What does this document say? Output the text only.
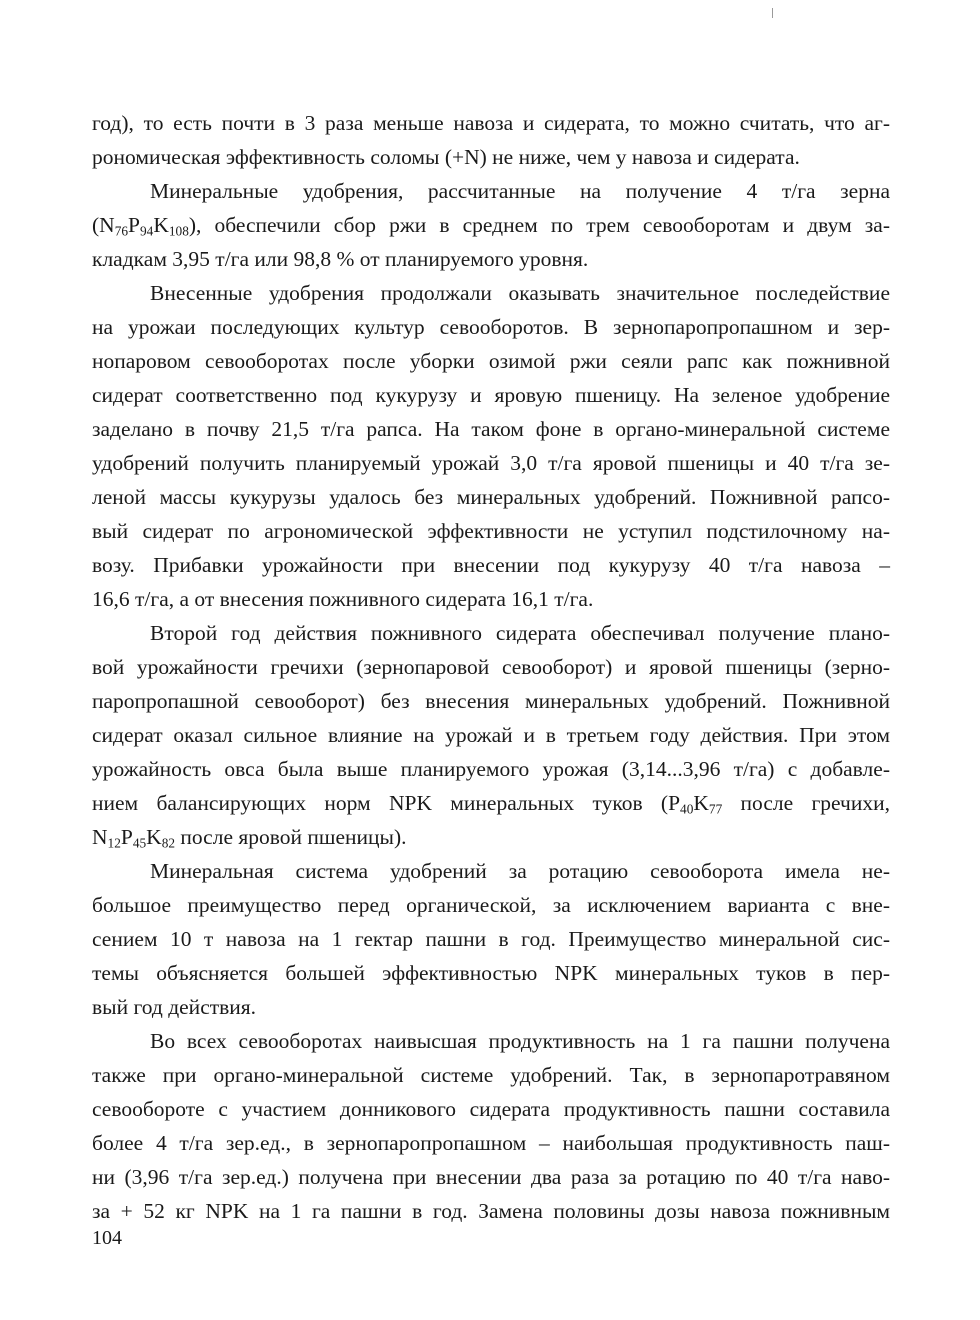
год), то есть почти в 3 раза меньше навоза и сидерата, то можно считать, что аг-
рономическая эффективность соломы (+N) не ниже, чем у навоза и сидерата.
Минеральные удобрения, рассчитанные на получение 4 т/га зерна
$(N_{76}P_{94}K_{108})$, обеспечили сбор ржи в среднем по трем севооборотам и двум за-
кладкам 3,95 т/га или 98,8 % от планируемого уровня.
Внесенные удобрения продолжали оказывать значительное последействие
на урожаи последующих культур севооборотов. В зернопаропропашном и зер-
нопаровом севооборотах после уборки озимой ржи сеяли рапс как пожнивной
сидерат соответственно под кукурузу и яровую пшеницу. На зеленое удобрение
заделано в почву 21,5 т/га рапса. На таком фоне в органо-минеральной системе
удобрений получить планируемый урожай 3,0 т/га яровой пшеницы и 40 т/га зе-
леной массы кукурузы удалось без минеральных удобрений. Пожнивной рапсо-
вый сидерат по агрономической эффективности не уступил подстилочному на-
возу. Прибавки урожайности при внесении под кукурузу 40 т/га навоза –
16,6 т/га, а от внесения пожнивного сидерата 16,1 т/га.
Второй год действия пожнивного сидерата обеспечивал получение плано-
вой урожайности гречихи (зернопаровой севооборот) и яровой пшеницы (зерно-
паропропашной севооборот) без внесения минеральных удобрений. Пожнивной
сидерат оказал сильное влияние на урожай и в третьем году действия. При этом
урожайность овса была выше планируемого урожая (3,14...3,96 т/га) с добавле-
нием балансирующих норм NPK минеральных туков ($P_{40}K_{77}$ после гречихи,
$N_{12}P_{45}K_{82}$ после яровой пшеницы).
Минеральная система удобрений за ротацию севооборота имела не-
большое преимущество перед органической, за исключением варианта с вне-
сением 10 т навоза на 1 гектар пашни в год. Преимущество минеральной сис-
темы объясняется большей эффективностью NPK минеральных туков в пер-
вый год действия.
Во всех севооборотах наивысшая продуктивность на 1 га пашни получена
также при органо-минеральной системе удобрений. Так, в зернопаротравяном
севообороте с участием донникового сидерата продуктивность пашни составила
более 4 т/га зер.ед., в зернопаропропашном – наибольшая продуктивность паш-
ни (3,96 т/га зер.ед.) получена при внесении два раза за ротацию по 40 т/га наво-
за + 52 кг NPK на 1 га пашни в год. Замена половины дозы навоза пожнивным
104
